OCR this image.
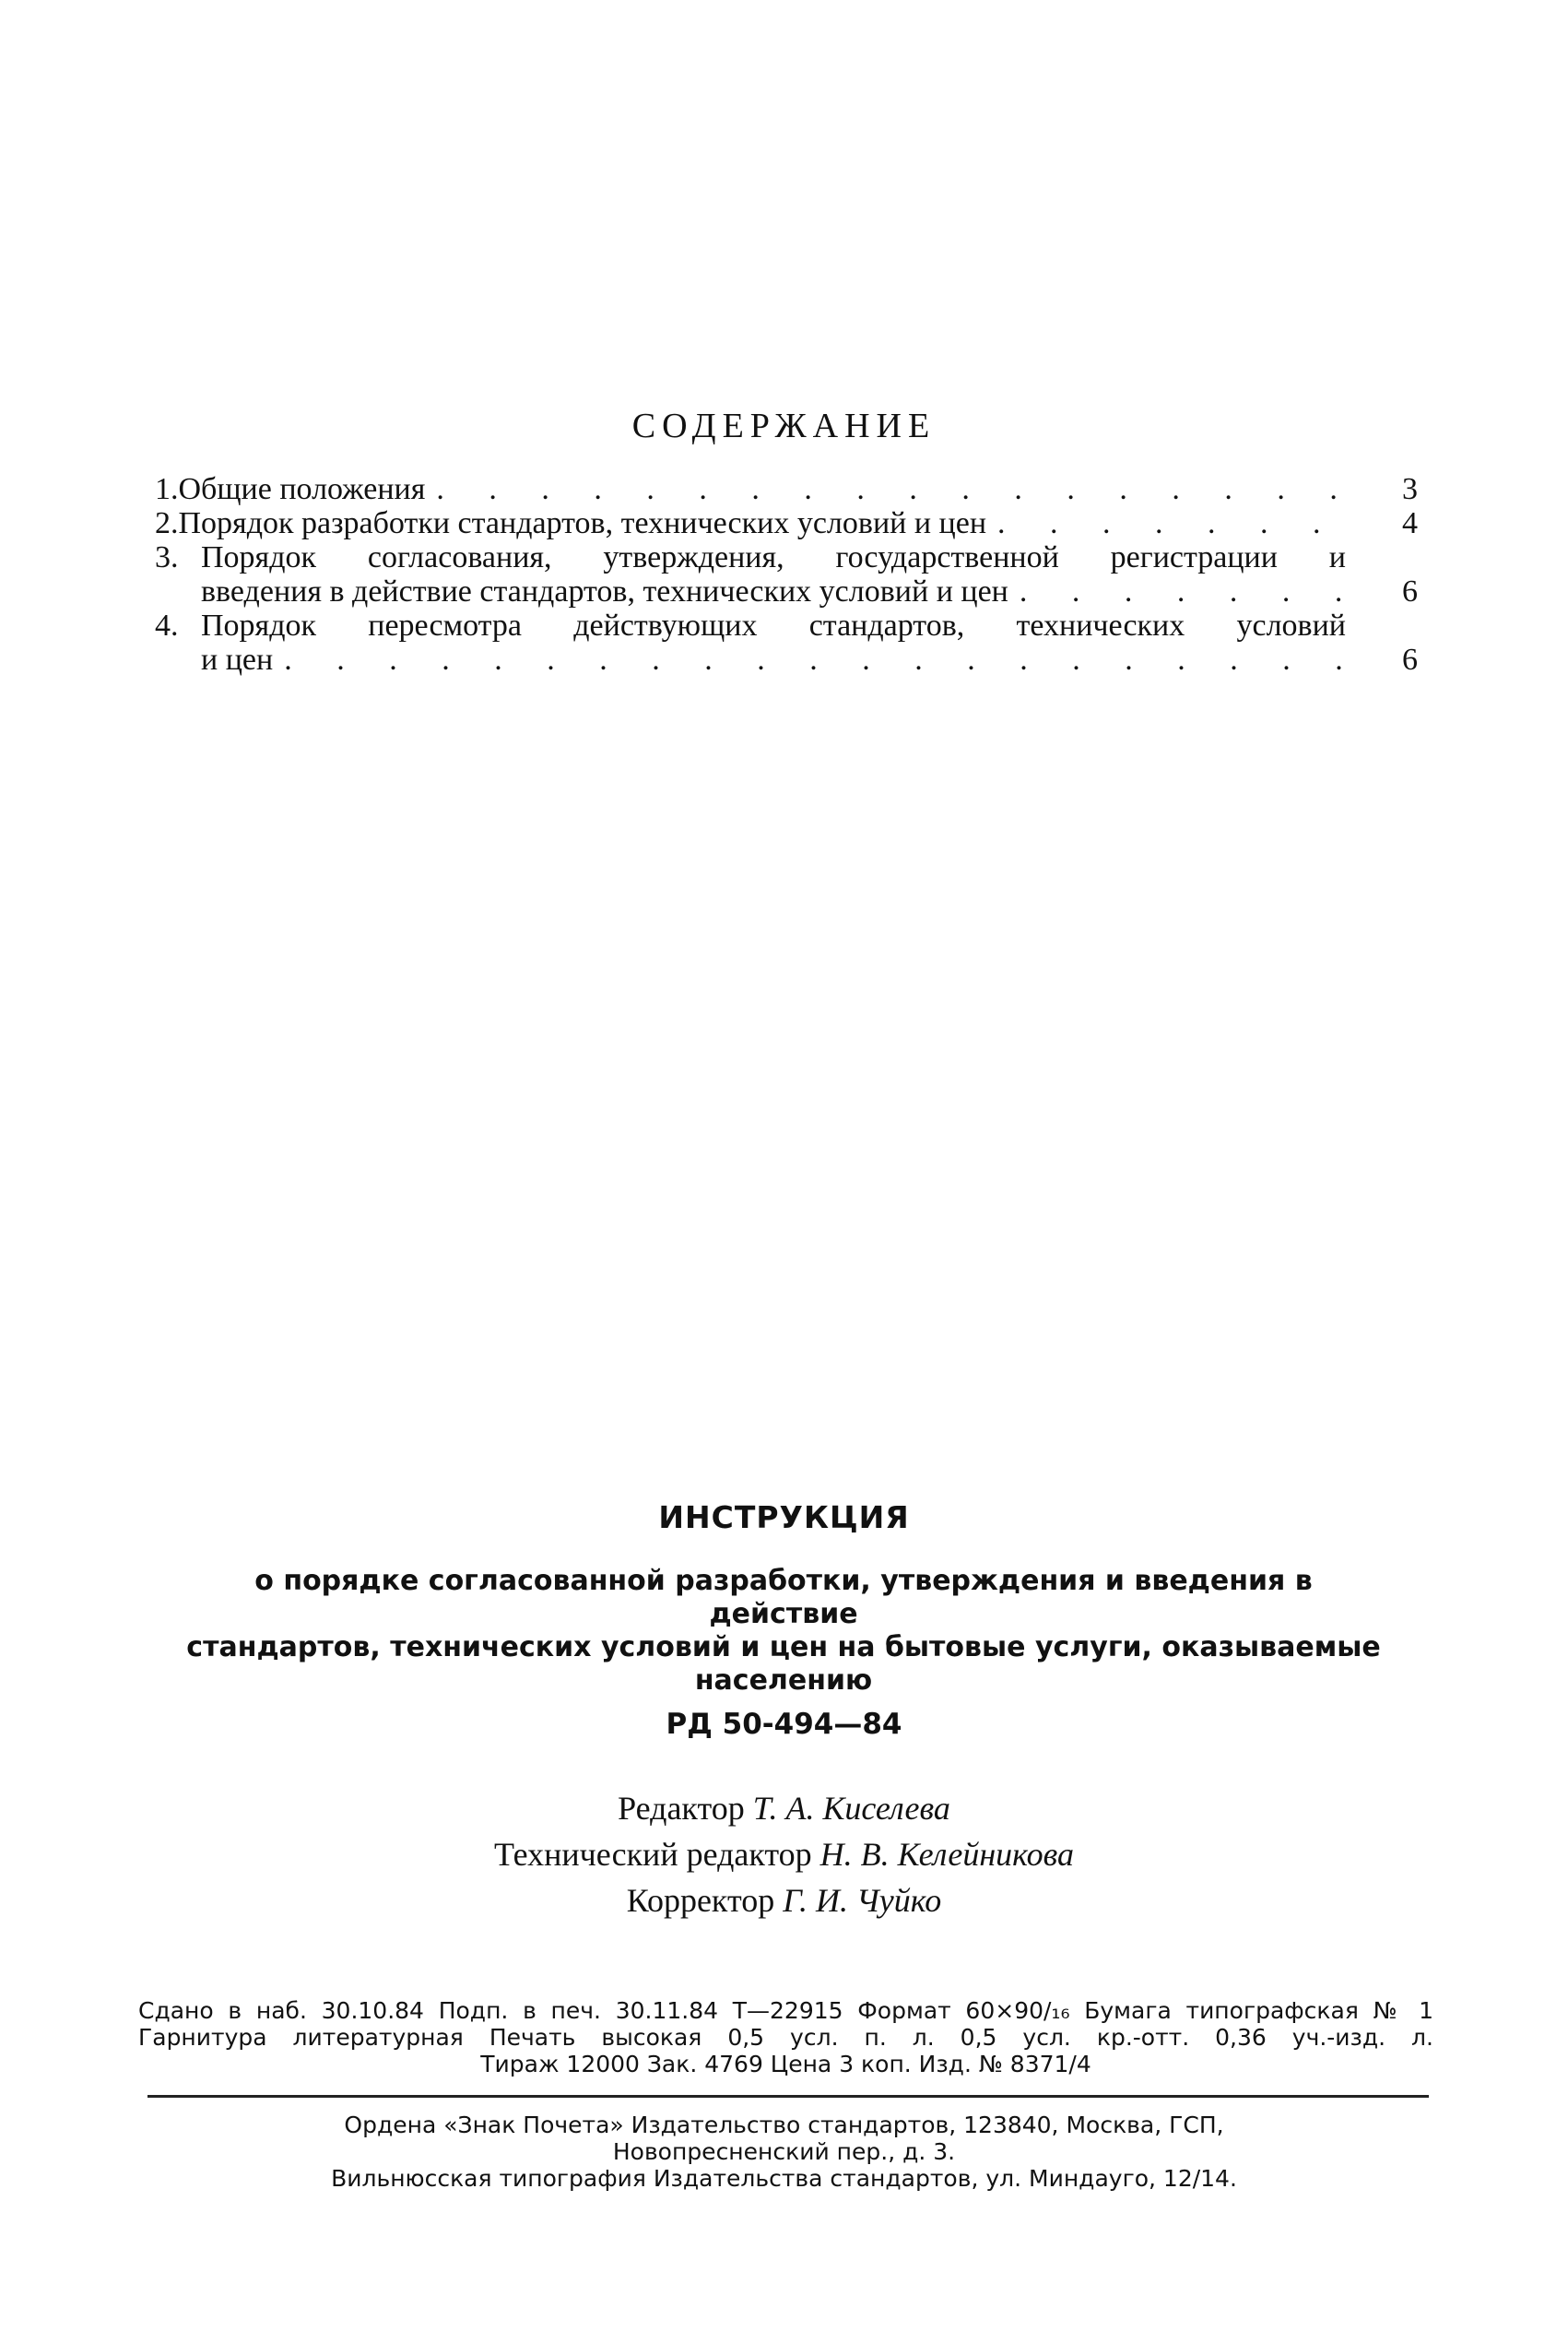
СОДЕРЖАНИЕ
1. Общие положения . . .	3
2. Порядок разработки стандартов, технических условий и цен . . .	4
3. Порядок согласования, утверждения, государственной регистрации и
введения в действие стандартов, технических условий и цен . . .	6
4. Порядок пересмотра действующих стандартов, технических условий
и цен . . .	6
ИНСТРУКЦИЯ
о порядке согласованной разработки, утверждения и введения в действие
стандартов, технических условий и цен на бытовые услуги, оказываемые
населению
РД 50-494—84
Редактор Т. А. Киселева
Технический редактор Н. В. Келейникова
Корректор Г. И. Чуйко
Сдано в наб. 30.10.84 Подп. в печ. 30.11.84 Т—22915 Формат 60×90/₁₆ Бумага типографская № 1
Гарнитура литературная Печать высокая 0,5 усл. п. л. 0,5 усл. кр.-отт. 0,36 уч.-изд. л.
Тираж 12000 Зак. 4769 Цена 3 коп. Изд. № 8371/4
Ордена «Знак Почета» Издательство стандартов, 123840, Москва, ГСП,
Новопресненский пер., д. 3.
Вильнюсская типография Издательства стандартов, ул. Миндауго, 12/14.
